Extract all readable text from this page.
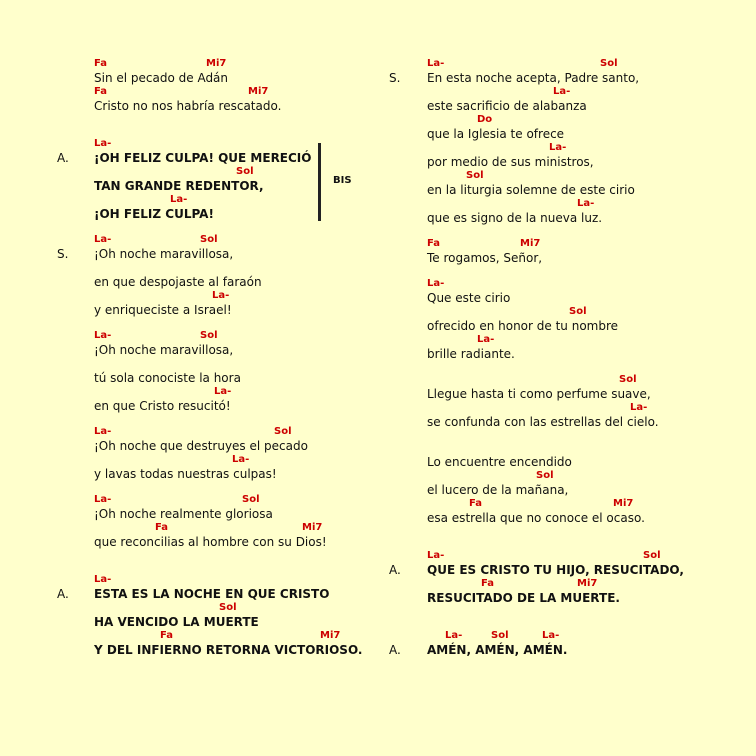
BIS
Sin el pecado de Adán
Fa	Mi7
Cristo no nos habría rescatado.
Fa	Mi7
A. ¡OH FELIZ CULPA! QUE MERECIÓ
La-
TAN GRANDE REDENTOR,
Sol
¡OH FELIZ CULPA!
La-
S. ¡Oh noche maravillosa,
La-	Sol
en que despojaste al faraón
y enriqueciste a Israel!
La-
¡Oh noche maravillosa,
La-	Sol
tú sola conociste la hora
en que Cristo resucitó!
La-
¡Oh noche que destruyes el pecado
La-	Sol
y lavas todas nuestras culpas!
La-
¡Oh noche realmente gloriosa
La-	Sol
que reconcilias al hombre con su Dios!
Fa	Mi7
A. ESTA ES LA NOCHE EN QUE CRISTO
La-
HA VENCIDO LA MUERTE
Sol
Y DEL INFIERNO RETORNA VICTORIOSO.
Fa	Mi7
S. En esta noche acepta, Padre santo,
La-	Sol
este sacrificio de alabanza
La-
que la Iglesia te ofrece
Do
por medio de sus ministros,
La-
en la liturgia solemne de este cirio
Sol
que es signo de la nueva luz.
La-
Te rogamos, Señor,
Fa	Mi7
Que este cirio
La-
ofrecido en honor de tu nombre
Sol
brille radiante.
La-
Llegue hasta ti como perfume suave,
Sol
se confunda con las estrellas del cielo.
La-
Lo encuentre encendido
el lucero de la mañana,
Sol
esa estrella que no conoce el ocaso.
Fa	Mi7
A. QUE ES CRISTO TU HIJO, RESUCITADO,
La-	Sol
RESUCITADO DE LA MUERTE.
Fa	Mi7
A. AMÉN, AMÉN, AMÉN.
La-	Sol	La-
